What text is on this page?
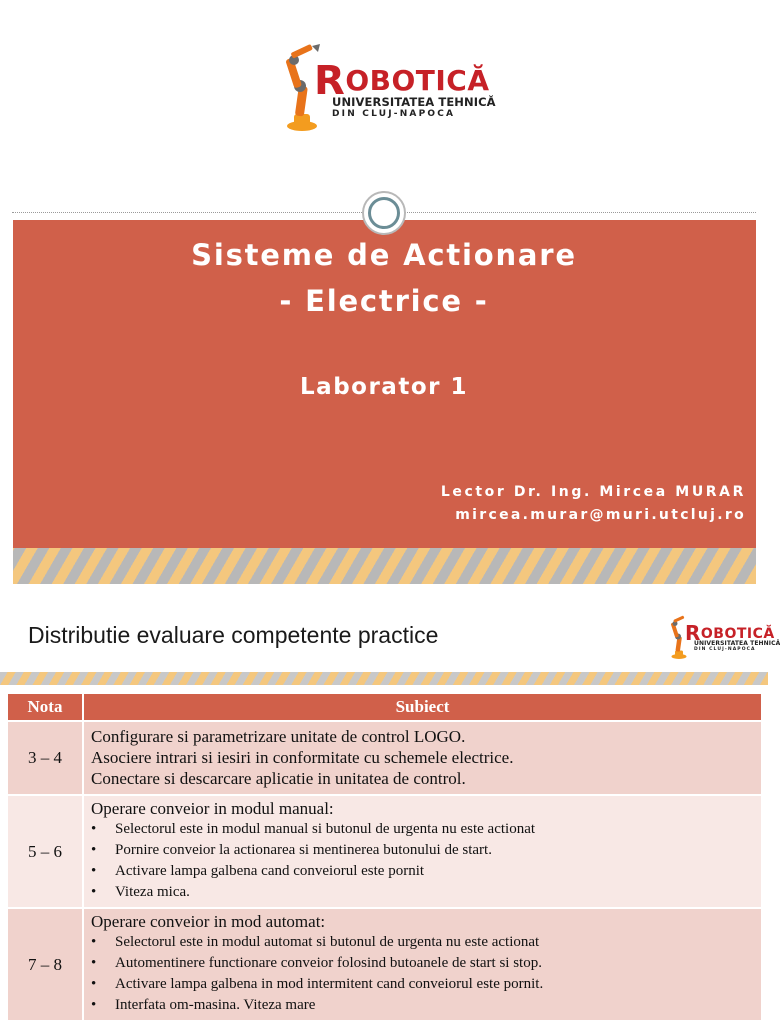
ROBOTICĂ
UNIVERSITATEA TEHNICĂ
DIN CLUJ-NAPOCA
Sisteme de Actionare
- Electrice -
Laborator 1
Lector Dr. Ing. Mircea MURAR
mircea.murar@muri.utcluj.ro
Distributie evaluare competente practice	ROBOTICĂ
UNIVERSITATEA TEHNICĂ
DIN CLUJ-NAPOCA
Nota	Subiect
3 – 4	Configurare si parametrizare unitate de control LOGO.
Asociere intrari si iesiri in conformitate cu schemele electrice.
Conectare si descarcare aplicatie in unitatea de control.

5 – 6	Operare conveior in modul manual:
• Selectorul este in modul manual si butonul de urgenta nu este actionat
• Pornire conveior la actionarea si mentinerea butonului de start.
• Activare lampa galbena cand conveiorul este pornit
• Viteza mica.

7 – 8	Operare conveior in mod automat:
• Selectorul este in modul automat si butonul de urgenta nu este actionat
• Automentinere functionare conveior folosind butoanele de start si stop.
• Activare lampa galbena in mod intermitent cand conveiorul este pornit.
• Interfata om-masina. Viteza mare
